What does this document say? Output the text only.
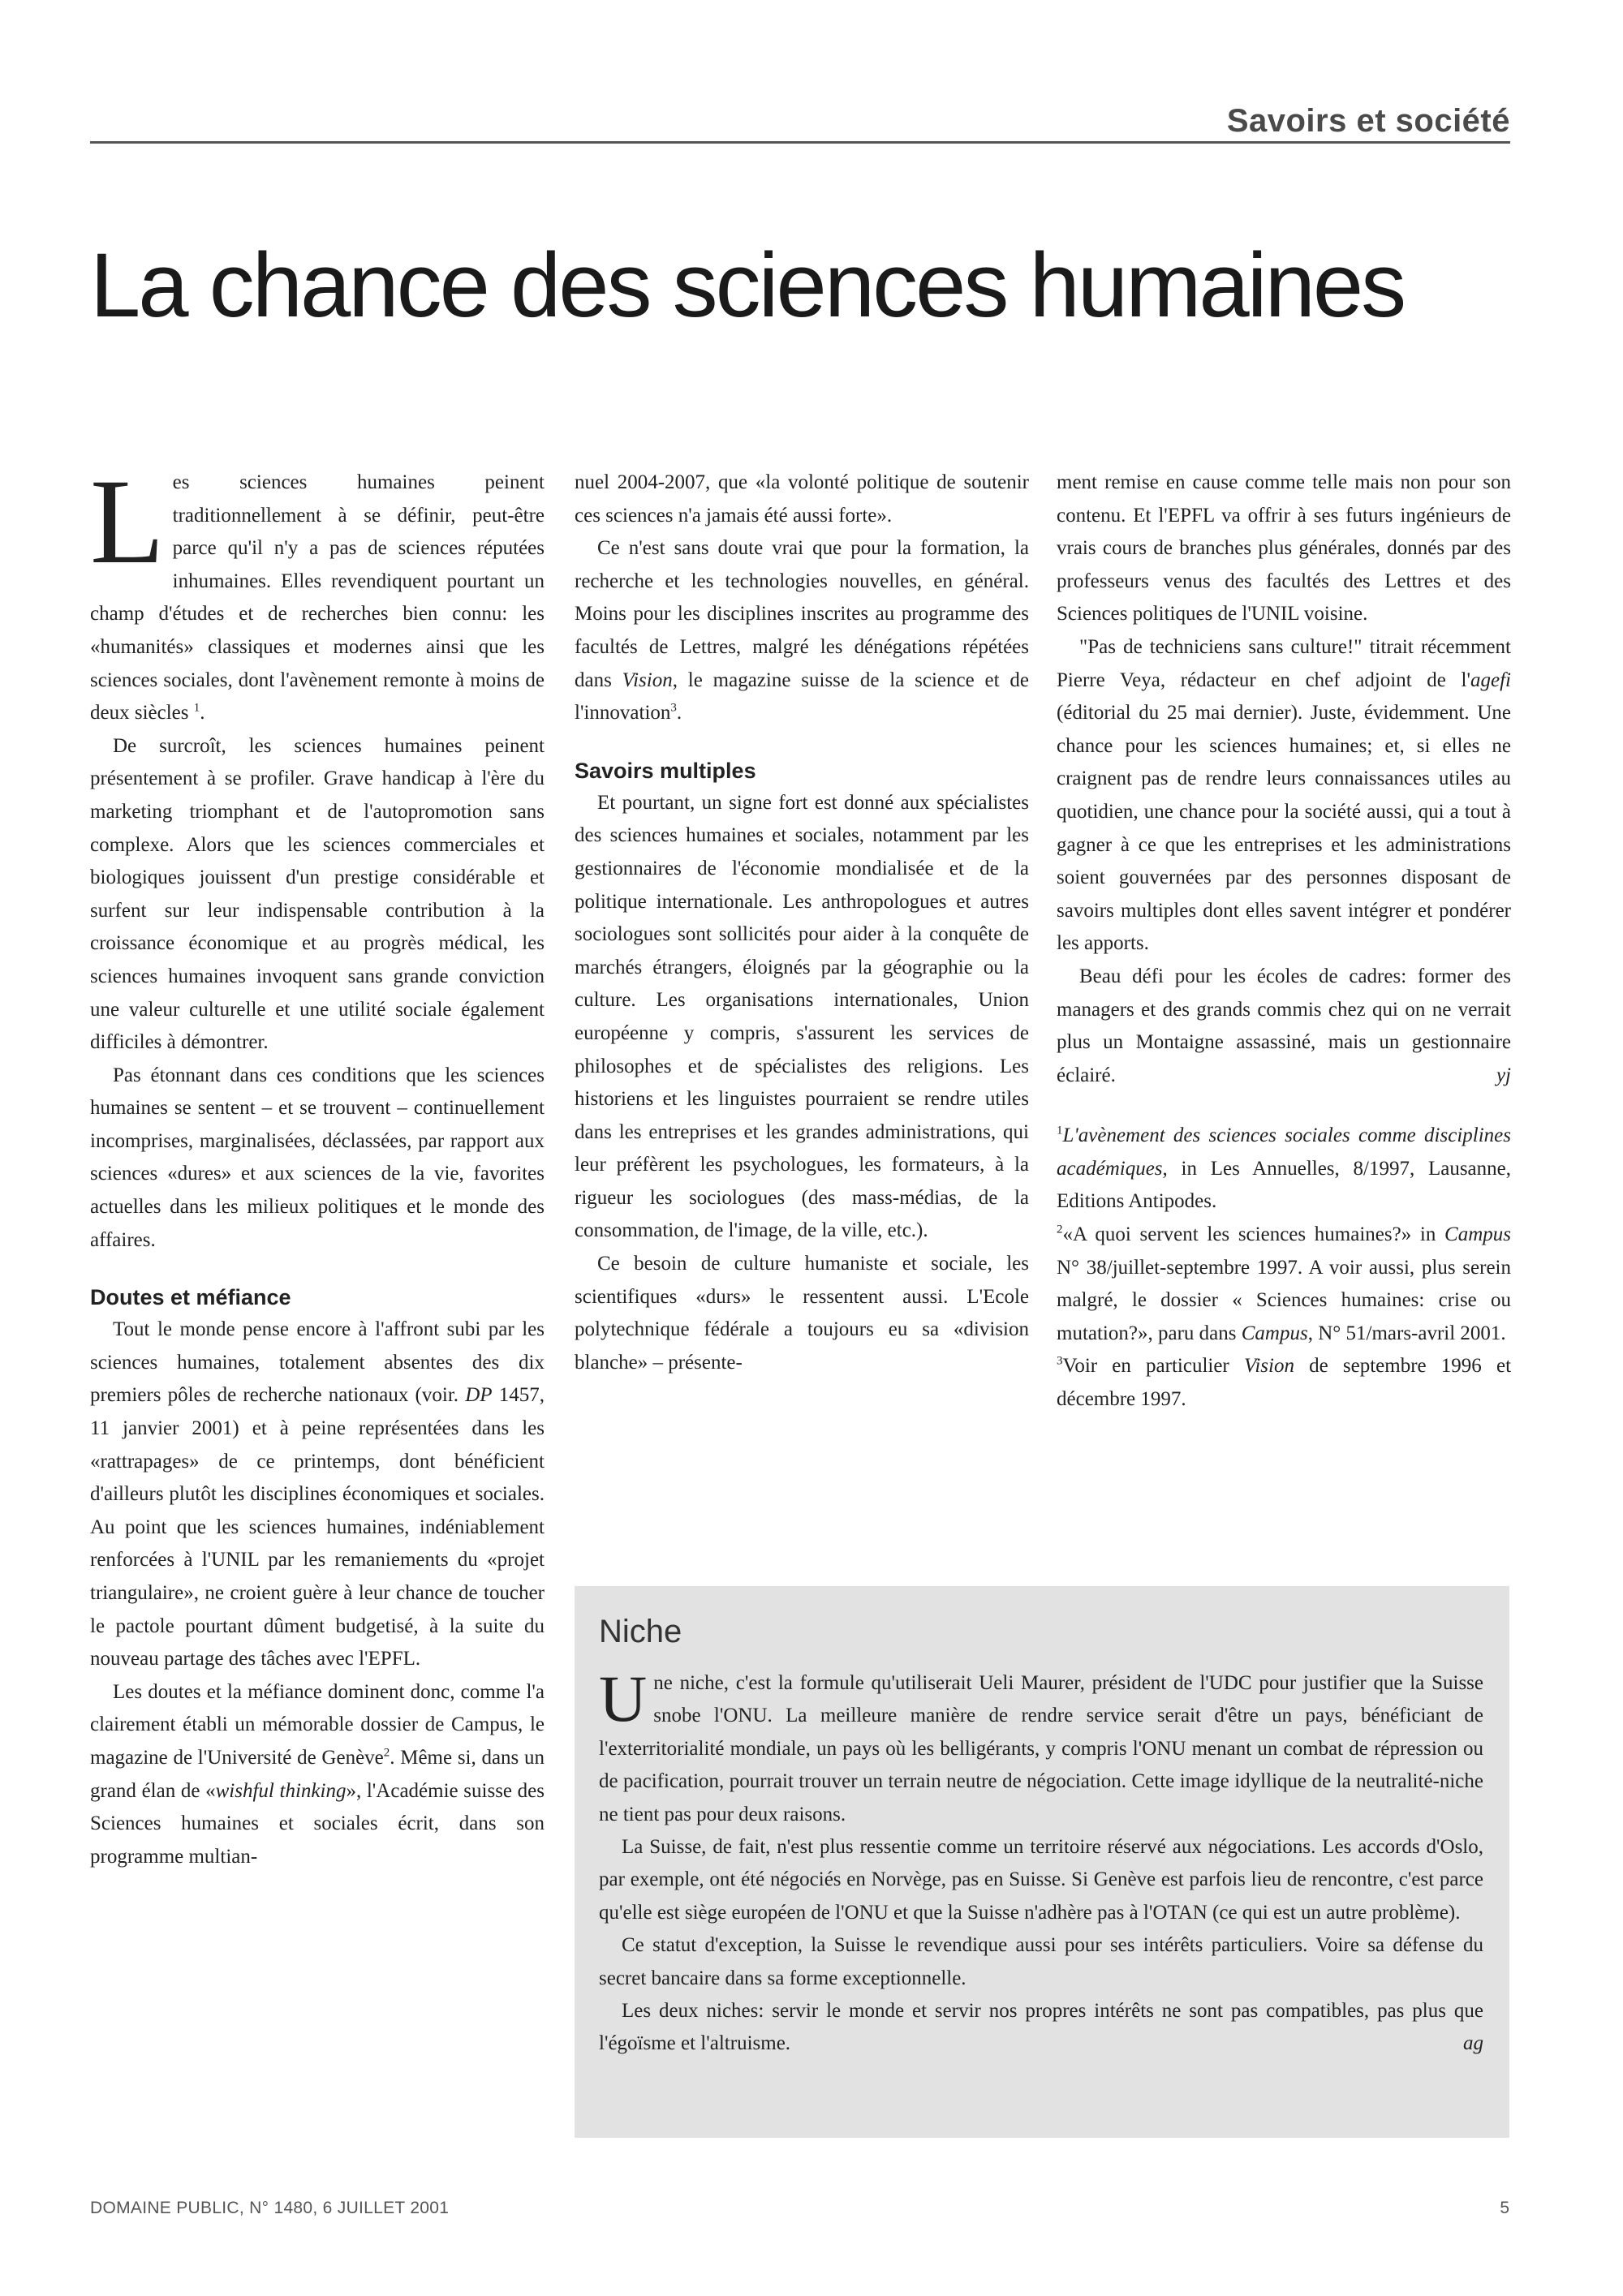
Savoirs et société
La chance des sciences humaines

Les sciences humaines peinent traditionnellement à se définir, peut-être parce qu'il n'y a pas de sciences réputées inhumaines. Elles revendiquent pourtant un champ d'études et de recherches bien connu: les «humanités» classiques et modernes ainsi que les sciences sociales, dont l'avènement remonte à moins de deux siècles $^1$.

De surcroît, les sciences humaines peinent présentement à se profiler. Grave handicap à l'ère du marketing triomphant et de l'autopromotion sans complexe. Alors que les sciences commerciales et biologiques jouissent d'un prestige considérable et surfent sur leur indispensable contribution à la croissance économique et au progrès médical, les sciences humaines invoquent sans grande conviction une valeur culturelle et une utilité sociale également difficiles à démontrer.

Pas étonnant dans ces conditions que les sciences humaines se sentent – et se trouvent – continuellement incomprises, marginalisées, déclassées, par rapport aux sciences «dures» et aux sciences de la vie, favorites actuelles dans les milieux politiques et le monde des affaires.

Doutes et méfiance

Tout le monde pense encore à l'affront subi par les sciences humaines, totalement absentes des dix premiers pôles de recherche nationaux (voir. DP 1457, 11 janvier 2001) et à peine représentées dans les «rattrapages» de ce printemps, dont bénéficient d'ailleurs plutôt les disciplines économiques et sociales. Au point que les sciences humaines, indéniablement renforcées à l'UNIL par les remaniements du «projet triangulaire», ne croient guère à leur chance de toucher le pactole pourtant dûment budgetisé, à la suite du nouveau partage des tâches avec l'EPFL.

Les doutes et la méfiance dominent donc, comme l'a clairement établi un mémorable dossier de Campus, le magazine de l'Université de Genève$^2$. Même si, dans un grand élan de «wishful thinking», l'Académie suisse des Sciences humaines et sociales écrit, dans son programme multian-

nuel 2004-2007, que «la volonté politique de soutenir ces sciences n'a jamais été aussi forte».

Ce n'est sans doute vrai que pour la formation, la recherche et les technologies nouvelles, en général. Moins pour les disciplines inscrites au programme des facultés de Lettres, malgré les dénégations répétées dans Vision, le magazine suisse de la science et de l'innovation$^3$.

Savoirs multiples

Et pourtant, un signe fort est donné aux spécialistes des sciences humaines et sociales, notamment par les gestionnaires de l'économie mondialisée et de la politique internationale. Les anthropologues et autres sociologues sont sollicités pour aider à la conquête de marchés étrangers, éloignés par la géographie ou la culture. Les organisations internationales, Union européenne y compris, s'assurent les services de philosophes et de spécialistes des religions. Les historiens et les linguistes pourraient se rendre utiles dans les entreprises et les grandes administrations, qui leur préfèrent les psychologues, les formateurs, à la rigueur les sociologues (des mass-médias, de la consommation, de l'image, de la ville, etc.).

Ce besoin de culture humaniste et sociale, les scientifiques «durs» le ressentent aussi. L'Ecole polytechnique fédérale a toujours eu sa «division blanche» – présente-

ment remise en cause comme telle mais non pour son contenu. Et l'EPFL va offrir à ses futurs ingénieurs de vrais cours de branches plus générales, donnés par des professeurs venus des facultés des Lettres et des Sciences politiques de l'UNIL voisine.

"Pas de techniciens sans culture!" titrait récemment Pierre Veya, rédacteur en chef adjoint de l'agefi (éditorial du 25 mai dernier). Juste, évidemment. Une chance pour les sciences humaines; et, si elles ne craignent pas de rendre leurs connaissances utiles au quotidien, une chance pour la société aussi, qui a tout à gagner à ce que les entreprises et les administrations soient gouvernées par des personnes disposant de savoirs multiples dont elles savent intégrer et pondérer les apports.

Beau défi pour les écoles de cadres: former des managers et des grands commis chez qui on ne verrait plus un Montaigne assassiné, mais un gestionnaire éclairé.	yj

$^1$L'avènement des sciences sociales comme disciplines académiques, in Les Annuelles, 8/1997, Lausanne, Editions Antipodes.

$^2$«A quoi servent les sciences humaines?» in Campus N° 38/juillet-septembre 1997. A voir aussi, plus serein malgré, le dossier « Sciences humaines: crise ou mutation?», paru dans Campus, N° 51/mars-avril 2001.

$^3$Voir en particulier Vision de septembre 1996 et décembre 1997.

Niche

Une niche, c'est la formule qu'utiliserait Ueli Maurer, président de l'UDC pour justifier que la Suisse snobe l'ONU. La meilleure manière de rendre service serait d'être un pays, bénéficiant de l'exterritorialité mondiale, un pays où les belligérants, y compris l'ONU menant un combat de répression ou de pacification, pourrait trouver un terrain neutre de négociation. Cette image idyllique de la neutralité-niche ne tient pas pour deux raisons.

La Suisse, de fait, n'est plus ressentie comme un territoire réservé aux négociations. Les accords d'Oslo, par exemple, ont été négociés en Norvège, pas en Suisse. Si Genève est parfois lieu de rencontre, c'est parce qu'elle est siège européen de l'ONU et que la Suisse n'adhère pas à l'OTAN (ce qui est un autre problème).

Ce statut d'exception, la Suisse le revendique aussi pour ses intérêts particuliers. Voire sa défense du secret bancaire dans sa forme exceptionnelle.

Les deux niches: servir le monde et servir nos propres intérêts ne sont pas compatibles, pas plus que l'égoïsme et l'altruisme.	ag

DOMAINE PUBLIC, N° 1480, 6 JUILLET 2001	5
